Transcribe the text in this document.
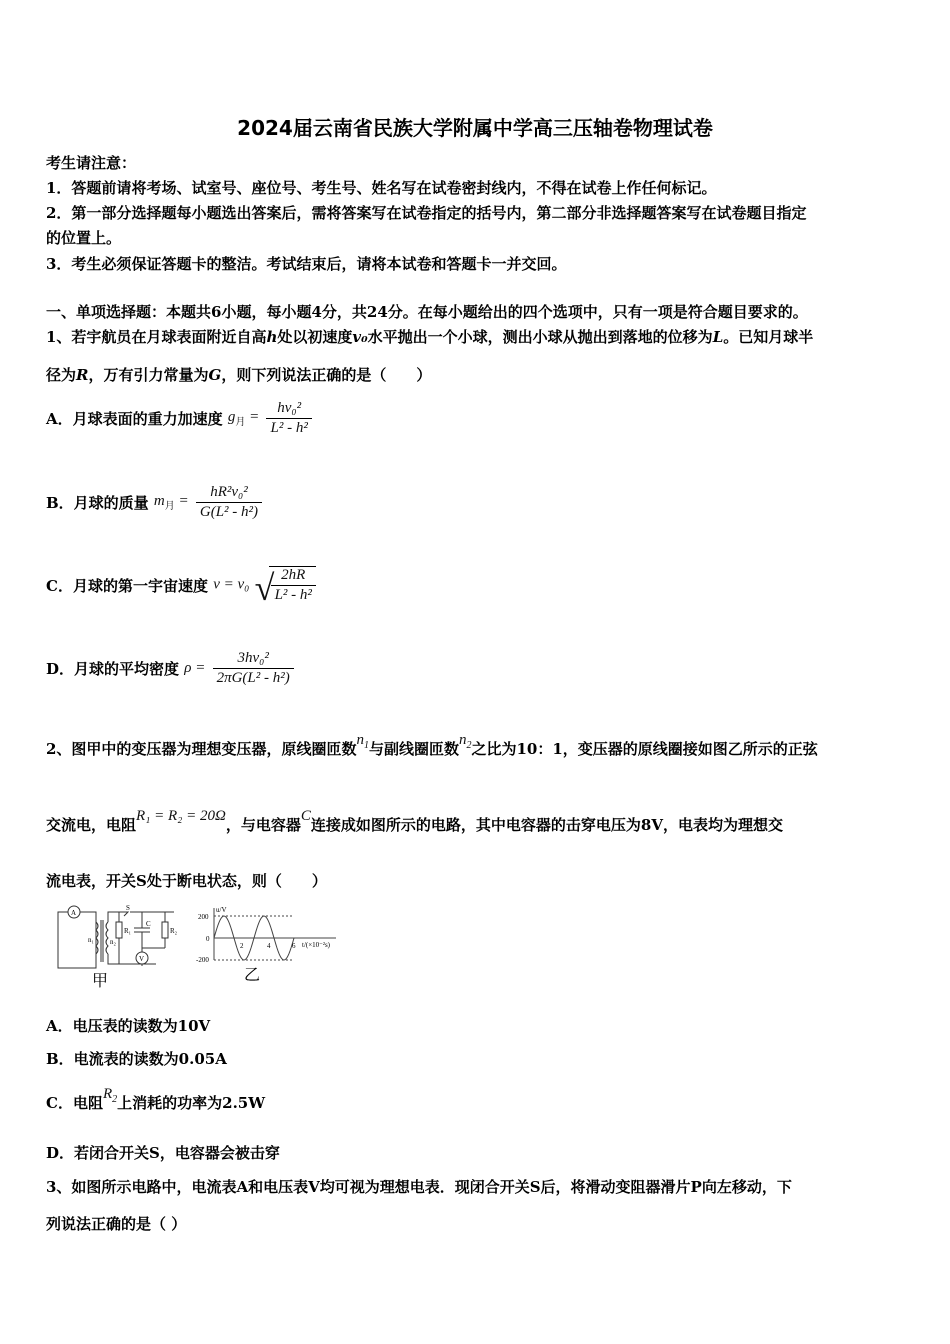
2024届云南省民族大学附属中学高三压轴卷物理试卷
考生请注意：
1．答题前请将考场、试室号、座位号、考生号、姓名写在试卷密封线内，不得在试卷上作任何标记。
2．第一部分选择题每小题选出答案后，需将答案写在试卷指定的括号内，第二部分非选择题答案写在试卷题目指定
的位置上。
3．考生必须保证答题卡的整洁。考试结束后，请将本试卷和答题卡一并交回。
一、单项选择题：本题共6小题，每小题4分，共24分。在每小题给出的四个选项中，只有一项是符合题目要求的。
1、若宇航员在月球表面附近自高h处以初速度v₀水平抛出一个小球，测出小球从抛出到落地的位移为L。已知月球半
径为R，万有引力常量为G，则下列说法正确的是（　　）
A．月球表面的重力加速度 $g_月 = \frac{\text{hv₀²}}{\text{L² - h²}}$
B．月球的质量 $m_月 = \frac{\text{hR²v₀²}}{\text{G(L² - h²)}}$
C．月球的第一宇宙速度 v = v₀ √
$\frac{2hR}{\text{L² - h²}}$
D．月球的平均密度 $\rho = \frac{\text{3hv₀²}}{\text{2πG(L² - h²)}}$
2、图甲中的变压器为理想变压器，原线圈匝数$n_1$与副线圈匝数$n_2$之比为10：1，变压器的原线圈接如图乙所示的正弦
交流电，电阻R₁ = R₂ = 20Ω，与电容器C连接成如图所示的电路，其中电容器的击穿电压为8V，电表均为理想交
流电表，开关S处于断电状态，则（　　）
A
n₁ n₂
S
R₁
C
R₂
V
甲
u/V
200
0
-200
2	4	6 t/(×10⁻²s)
乙
A．电压表的读数为10V
B．电流表的读数为0.05A
C．电阻$R_2$上消耗的功率为2.5W
D．若闭合开关S，电容器会被击穿
3、如图所示电路中，电流表A和电压表V均可视为理想电表．现闭合开关S后，将滑动变阻器滑片P向左移动，下
列说法正确的是（ ）
